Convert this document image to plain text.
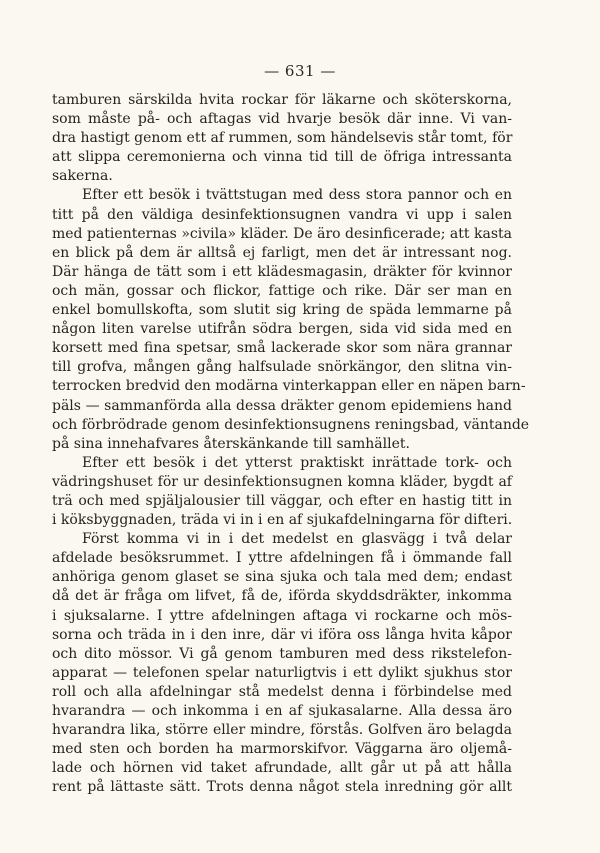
— 631 —
tamburen särskilda hvita rockar för läkarne och sköterskorna,
som måste på- och aftagas vid hvarje besök där inne. Vi van-
dra hastigt genom ett af rummen, som händelsevis står tomt, för
att slippa ceremonierna och vinna tid till de öfriga intressanta
sakerna.
Efter ett besök i tvättstugan med dess stora pannor och en
titt på den väldiga desinfektionsugnen vandra vi upp i salen
med patienternas »civila» kläder. De äro desinficerade; att kasta
en blick på dem är alltså ej farligt, men det är intressant nog.
Där hänga de tätt som i ett klädesmagasin, dräkter för kvinnor
och män, gossar och flickor, fattige och rike. Där ser man en
enkel bomullskofta, som slutit sig kring de späda lemmarne på
någon liten varelse utifrån södra bergen, sida vid sida med en
korsett med fina spetsar, små lackerade skor som nära grannar
till grofva, mången gång halfsulade snörkängor, den slitna vin-
terrocken bredvid den modärna vinterkappan eller en näpen barn-
päls — sammanförda alla dessa dräkter genom epidemiens hand
och förbrödrade genom desinfektionsugnens reningsbad, väntande
på sina innehafvares återskänkande till samhället.
Efter ett besök i det ytterst praktiskt inrättade tork- och
vädringshuset för ur desinfektionsugnen komna kläder, bygdt af
trä och med spjäljalousier till väggar, och efter en hastig titt in
i köksbyggnaden, träda vi in i en af sjukafdelningarna för difteri.
Först komma vi in i det medelst en glasvägg i två delar
afdelade besöksrummet. I yttre afdelningen få i ömmande fall
anhöriga genom glaset se sina sjuka och tala med dem; endast
då det är fråga om lifvet, få de, iförda skyddsdräkter, inkomma
i sjuksalarne. I yttre afdelningen aftaga vi rockarne och mös-
sorna och träda in i den inre, där vi iföra oss långa hvita kåpor
och dito mössor. Vi gå genom tamburen med dess rikstelefon-
apparat — telefonen spelar naturligtvis i ett dylikt sjukhus stor
roll och alla afdelningar stå medelst denna i förbindelse med
hvarandra — och inkomma i en af sjukasalarne. Alla dessa äro
hvarandra lika, större eller mindre, förstås. Golfven äro belagda
med sten och borden ha marmorskifvor. Väggarna äro oljemå-
lade och hörnen vid taket afrundade, allt går ut på att hålla
rent på lättaste sätt. Trots denna något stela inredning gör allt
